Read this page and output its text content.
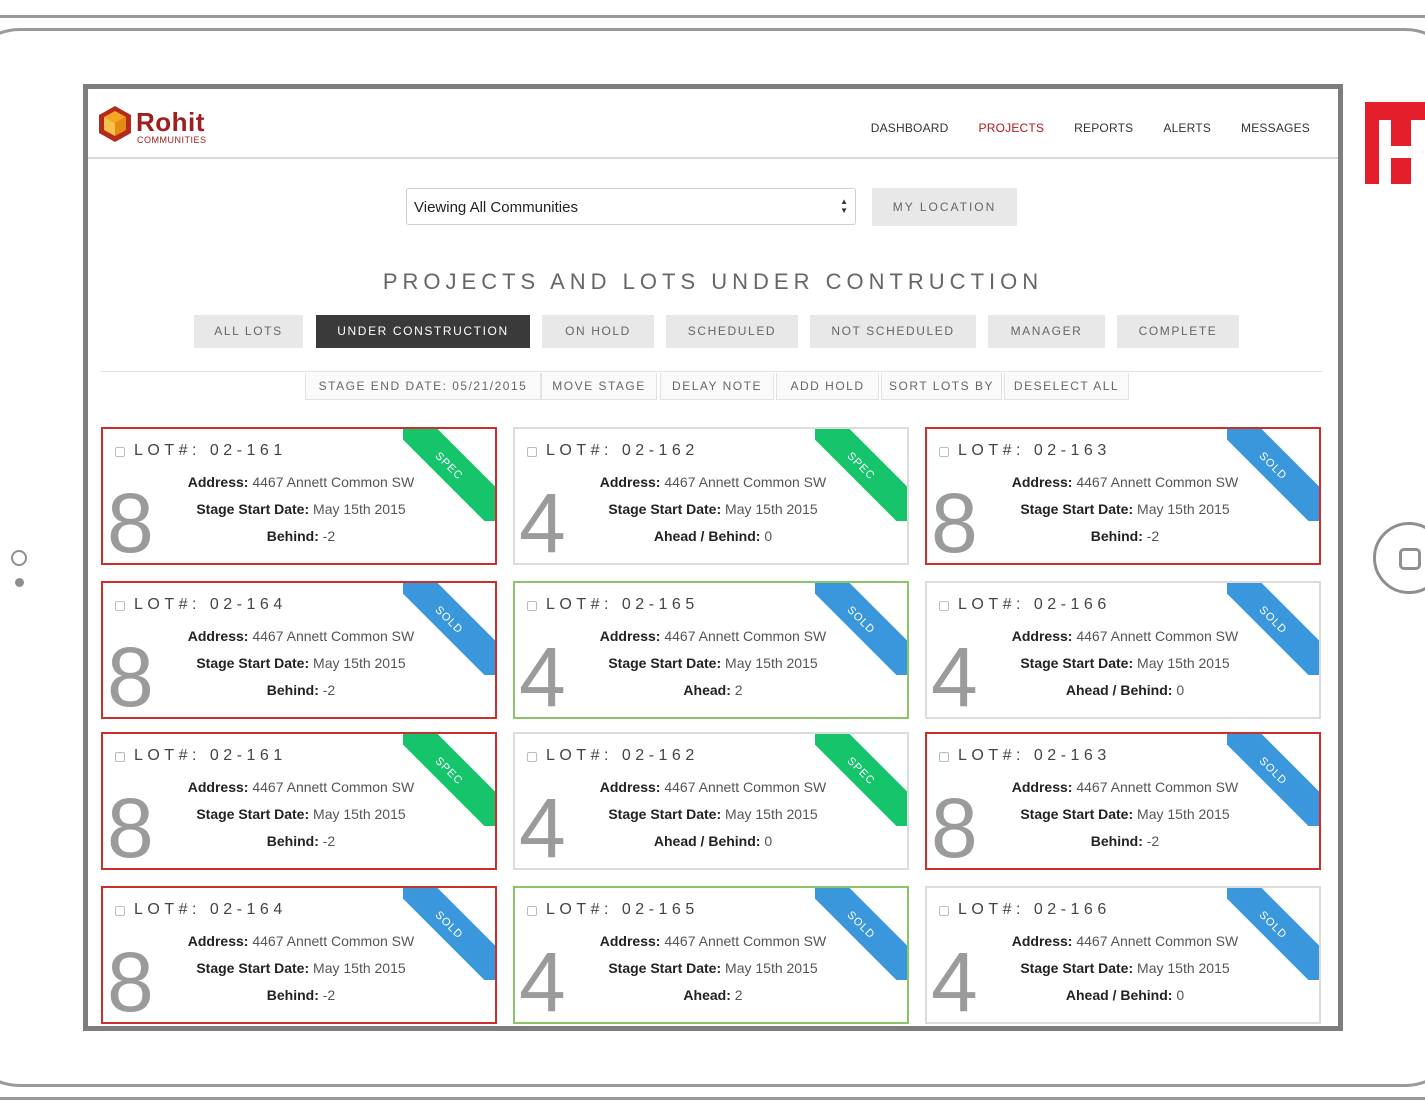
Rohit
COMMUNITIES
DASHBOARD	PROJECTS	REPORTS	ALERTS	MESSAGES
Viewing All Communities	▲
▼	MY LOCATION
PROJECTS AND LOTS UNDER CONTRUCTION
ALL LOTS	UNDER CONSTRUCTION	ON HOLD	SCHEDULED	NOT SCHEDULED	MANAGER	COMPLETE
STAGE END DATE: 05/21/2015	MOVE STAGE	DELAY NOTE	ADD HOLD	SORT LOTS BY	DESELECT ALL
LOT#: 02-161	SPEC
8	Address: 4467 Annett Common SW
Stage Start Date: May 15th 2015
Behind: -2
LOT#: 02-162	SPEC
4	Address: 4467 Annett Common SW
Stage Start Date: May 15th 2015
Ahead / Behind: 0
LOT#: 02-163	SOLD
8	Address: 4467 Annett Common SW
Stage Start Date: May 15th 2015
Behind: -2
LOT#: 02-164	SOLD
8	Address: 4467 Annett Common SW
Stage Start Date: May 15th 2015
Behind: -2
LOT#: 02-165	SOLD
4	Address: 4467 Annett Common SW
Stage Start Date: May 15th 2015
Ahead: 2
LOT#: 02-166	SOLD
4	Address: 4467 Annett Common SW
Stage Start Date: May 15th 2015
Ahead / Behind: 0
LOT#: 02-161	SPEC
8	Address: 4467 Annett Common SW
Stage Start Date: May 15th 2015
Behind: -2
LOT#: 02-162	SPEC
4	Address: 4467 Annett Common SW
Stage Start Date: May 15th 2015
Ahead / Behind: 0
LOT#: 02-163	SOLD
8	Address: 4467 Annett Common SW
Stage Start Date: May 15th 2015
Behind: -2
LOT#: 02-164	SOLD
8	Address: 4467 Annett Common SW
Stage Start Date: May 15th 2015
Behind: -2
LOT#: 02-165	SOLD
4	Address: 4467 Annett Common SW
Stage Start Date: May 15th 2015
Ahead: 2
LOT#: 02-166	SOLD
4	Address: 4467 Annett Common SW
Stage Start Date: May 15th 2015
Ahead / Behind: 0
